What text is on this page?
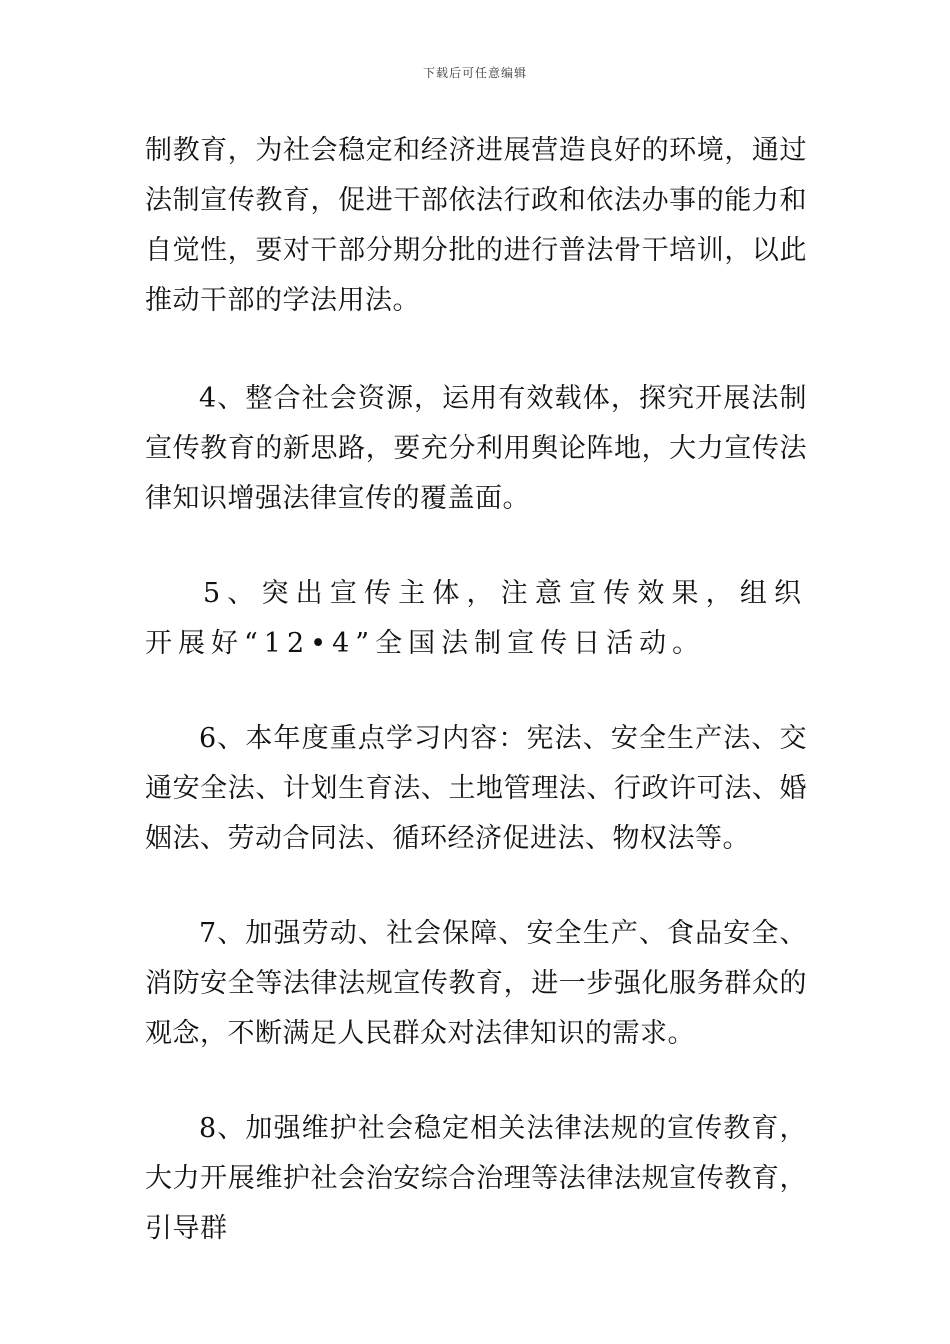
下载后可任意编辑

制教育，为社会稳定和经济进展营造良好的环境，通过法制宣传教育，促进干部依法行政和依法办事的能力和自觉性，要对干部分期分批的进行普法骨干培训，以此推动干部的学法用法。

4、整合社会资源，运用有效载体，探究开展法制宣传教育的新思路，要充分利用舆论阵地，大力宣传法律知识增强法律宣传的覆盖面。

5、突出宣传主体，注意宣传效果，组织开展好“12•4”全国法制宣传日活动。

6、本年度重点学习内容：宪法、安全生产法、交通安全法、计划生育法、土地管理法、行政许可法、婚姻法、劳动合同法、循环经济促进法、物权法等。

7、加强劳动、社会保障、安全生产、食品安全、消防安全等法律法规宣传教育，进一步强化服务群众的观念，不断满足人民群众对法律知识的需求。

8、加强维护社会稳定相关法律法规的宣传教育，大力开展维护社会治安综合治理等法律法规宣传教育，引导群
